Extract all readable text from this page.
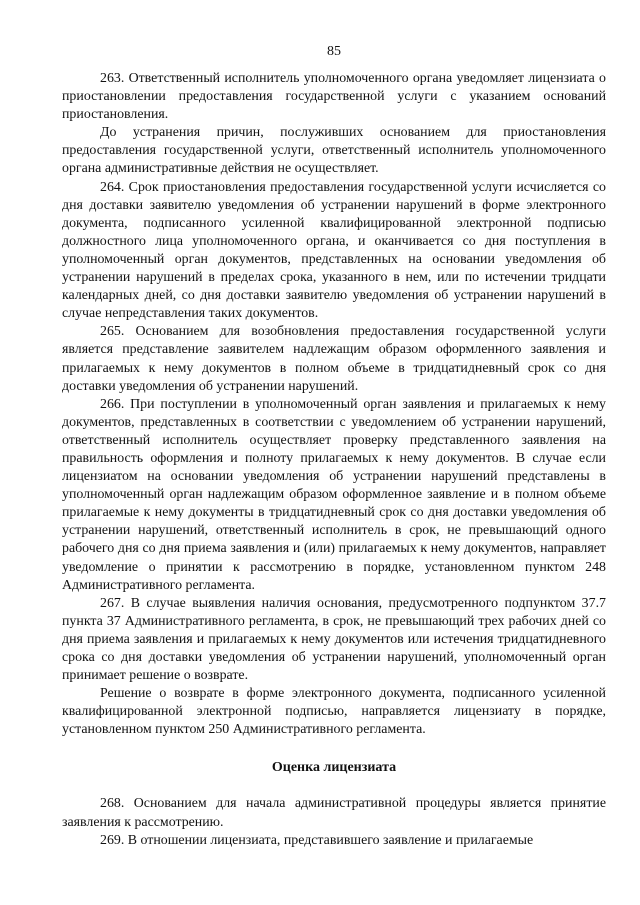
85

263. Ответственный исполнитель уполномоченного органа уведомляет лицензиата о приостановлении предоставления государственной услуги с указанием оснований приостановления.

До устранения причин, послуживших основанием для приостановления предоставления государственной услуги, ответственный исполнитель уполномоченного органа административные действия не осуществляет.

264. Срок приостановления предоставления государственной услуги исчисляется со дня доставки заявителю уведомления об устранении нарушений в форме электронного документа, подписанного усиленной квалифицированной электронной подписью должностного лица уполномоченного органа, и оканчивается со дня поступления в уполномоченный орган документов, представленных на основании уведомления об устранении нарушений в пределах срока, указанного в нем, или по истечении тридцати календарных дней, со дня доставки заявителю уведомления об устранении нарушений в случае непредставления таких документов.

265. Основанием для возобновления предоставления государственной услуги является представление заявителем надлежащим образом оформленного заявления и прилагаемых к нему документов в полном объеме в тридцатидневный срок со дня доставки уведомления об устранении нарушений.

266. При поступлении в уполномоченный орган заявления и прилагаемых к нему документов, представленных в соответствии с уведомлением об устранении нарушений, ответственный исполнитель осуществляет проверку представленного заявления на правильность оформления и полноту прилагаемых к нему документов. В случае если лицензиатом на основании уведомления об устранении нарушений представлены в уполномоченный орган надлежащим образом оформленное заявление и в полном объеме прилагаемые к нему документы в тридцатидневный срок со дня доставки уведомления об устранении нарушений, ответственный исполнитель в срок, не превышающий одного рабочего дня со дня приема заявления и (или) прилагаемых к нему документов, направляет уведомление о принятии к рассмотрению в порядке, установленном пунктом 248 Административного регламента.

267. В случае выявления наличия основания, предусмотренного подпунктом 37.7 пункта 37 Административного регламента, в срок, не превышающий трех рабочих дней со дня приема заявления и прилагаемых к нему документов или истечения тридцатидневного срока со дня доставки уведомления об устранении нарушений, уполномоченный орган принимает решение о возврате.

Решение о возврате в форме электронного документа, подписанного усиленной квалифицированной электронной подписью, направляется лицензиату в порядке, установленном пунктом 250 Административного регламента.

Оценка лицензиата

268. Основанием для начала административной процедуры является принятие заявления к рассмотрению.

269. В отношении лицензиата, представившего заявление и прилагаемые
